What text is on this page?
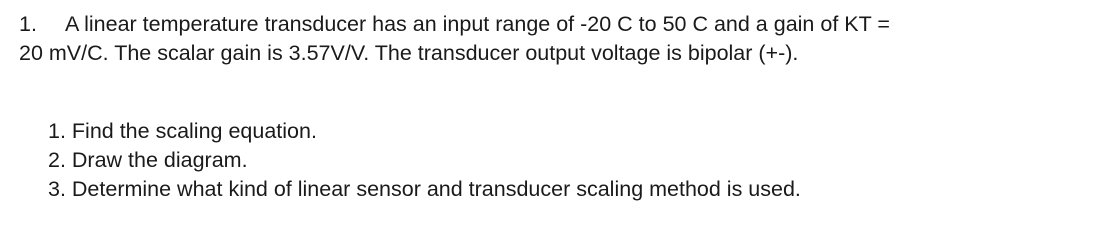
1. A linear temperature transducer has an input range of -20 C to 50 C and a gain of KT =
20 mV/C. The scalar gain is 3.57V/V. The transducer output voltage is bipolar (+-).
1. Find the scaling equation.
2. Draw the diagram.
3. Determine what kind of linear sensor and transducer scaling method is used.
